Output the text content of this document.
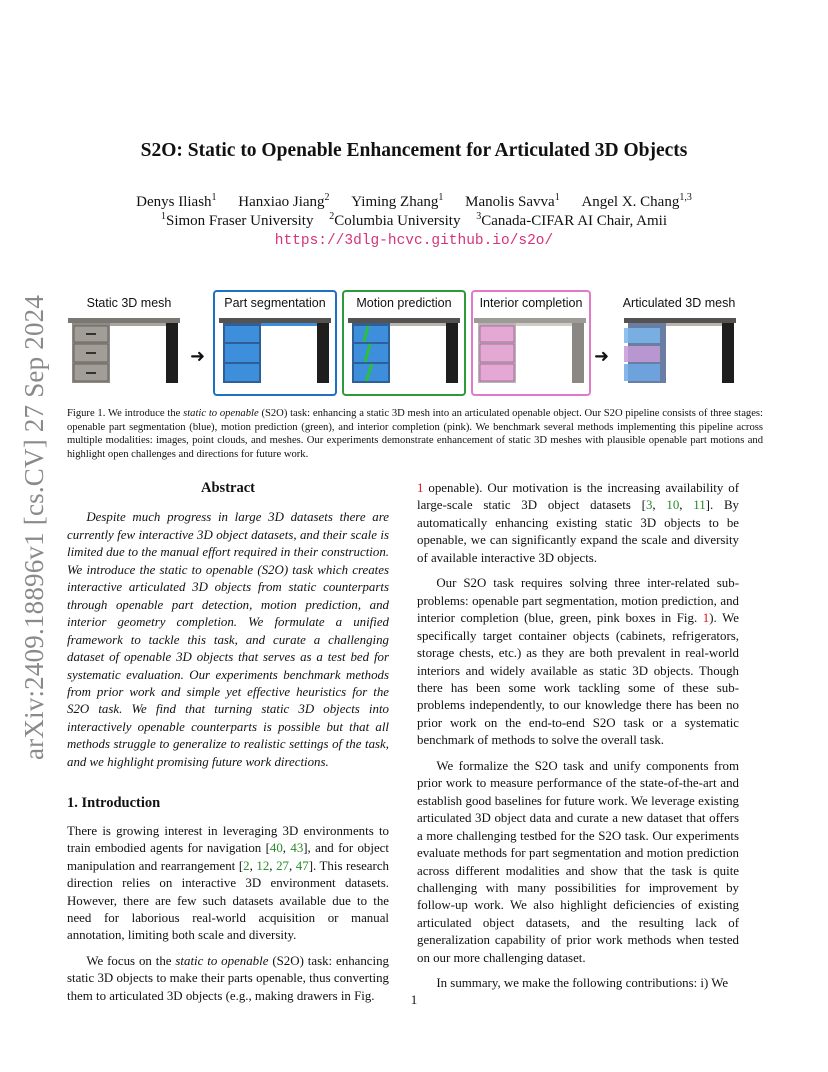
arXiv:2409.18896v1 [cs.CV] 27 Sep 2024
S2O: Static to Openable Enhancement for Articulated 3D Objects
Denys Iliash$^1$ Hanxiao Jiang$^2$ Yiming Zhang$^1$ Manolis Savva$^1$ Angel X. Chang$^{1,3}$
$^1$Simon Fraser University $^2$Columbia University $^3$Canada-CIFAR AI Chair, Amii
https://3dlg-hcvc.github.io/s2o/
Static 3D mesh	Part segmentation	Motion prediction	Interior completion	Articulated 3D mesh
➜	➜
Figure 1. We introduce the static to openable (S2O) task: enhancing a static 3D mesh into an articulated openable object. Our S2O pipeline consists of three stages: openable part segmentation (blue), motion prediction (green), and interior completion (pink). We benchmark several methods implementing this pipeline across multiple modalities: images, point clouds, and meshes. Our experiments demonstrate enhancement of static 3D meshes with plausible openable part motions and highlight open challenges and directions for future work.
Abstract

Despite much progress in large 3D datasets there are currently few interactive 3D object datasets, and their scale is limited due to the manual effort required in their construction. We introduce the static to openable (S2O) task which creates interactive articulated 3D objects from static counterparts through openable part detection, motion prediction, and interior geometry completion. We formulate a unified framework to tackle this task, and curate a challenging dataset of openable 3D objects that serves as a test bed for systematic evaluation. Our experiments benchmark methods from prior work and simple yet effective heuristics for the S2O task. We find that turning static 3D objects into interactively openable counterparts is possible but that all methods struggle to generalize to realistic settings of the task, and we highlight promising future work directions.

1. Introduction

There is growing interest in leveraging 3D environments to train embodied agents for navigation [40, 43], and for object manipulation and rearrangement [2, 12, 27, 47]. This research direction relies on interactive 3D environment datasets. However, there are few such datasets available due to the need for laborious real-world acquisition or manual annotation, limiting both scale and diversity.

We focus on the static to openable (S2O) task: enhancing static 3D objects to make their parts openable, thus converting them to articulated 3D objects (e.g., making drawers in Fig.

1 openable). Our motivation is the increasing availability of large-scale static 3D object datasets [3, 10, 11]. By automatically enhancing existing static 3D objects to be openable, we can significantly expand the scale and diversity of available interactive 3D objects.

Our S2O task requires solving three inter-related sub-problems: openable part segmentation, motion prediction, and interior completion (blue, green, pink boxes in Fig. 1). We specifically target container objects (cabinets, refrigerators, storage chests, etc.) as they are both prevalent in real-world interiors and widely available as static 3D objects. Though there has been some work tackling some of these sub-problems independently, to our knowledge there has been no prior work on the end-to-end S2O task or a systematic benchmark of methods to solve the overall task.

We formalize the S2O task and unify components from prior work to measure performance of the state-of-the-art and establish good baselines for future work. We leverage existing articulated 3D object data and curate a new dataset that offers a more challenging testbed for the S2O task. Our experiments evaluate methods for part segmentation and motion prediction across different modalities and show that the task is quite challenging with many possibilities for improvement by follow-up work. We also highlight deficiencies of existing articulated object datasets, and the resulting lack of generalization capability of prior work methods when tested on our more challenging dataset.

In summary, we make the following contributions: i) We

1
